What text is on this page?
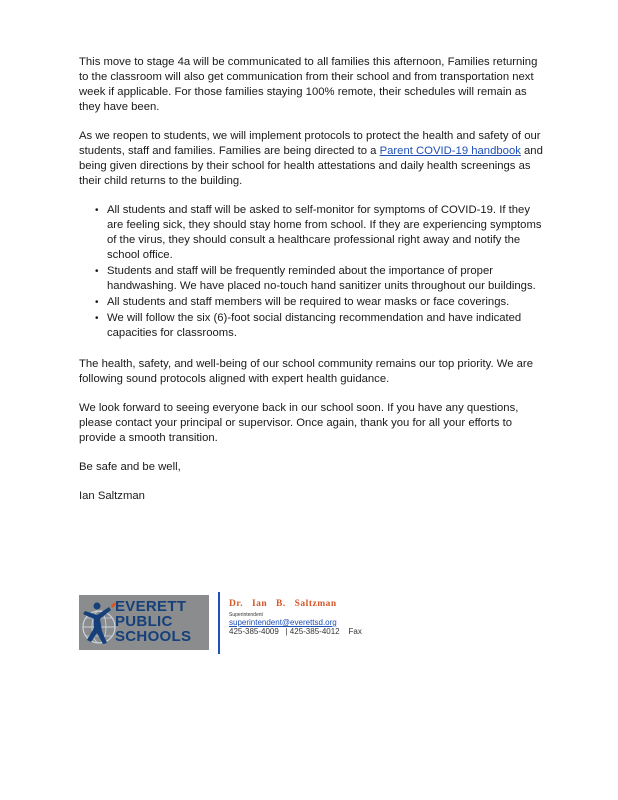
This move to stage 4a will be communicated to all families this afternoon, Families returning to the classroom will also get communication from their school and from transportation next week if applicable. For those families staying 100% remote, their schedules will remain as they have been.

As we reopen to students, we will implement protocols to protect the health and safety of our students, staff and families. Families are being directed to a Parent COVID-19 handbook and being given directions by their school for health attestations and daily health screenings as their child returns to the building.

• All students and staff will be asked to self-monitor for symptoms of COVID-19. If they are feeling sick, they should stay home from school. If they are experiencing symptoms of the virus, they should consult a healthcare professional right away and notify the school office.
• Students and staff will be frequently reminded about the importance of proper handwashing. We have placed no-touch hand sanitizer units throughout our buildings.
• All students and staff members will be required to wear masks or face coverings.
• We will follow the six (6)-foot social distancing recommendation and have indicated capacities for classrooms.

The health, safety, and well-being of our school community remains our top priority. We are following sound protocols aligned with expert health guidance.

We look forward to seeing everyone back in our school soon. If you have any questions, please contact your principal or supervisor. Once again, thank you for all your efforts to provide a smooth transition.

Be safe and be well,

Ian Saltzman

EVERETT
PUBLIC
SCHOOLS
Dr. Ian B. Saltzman
Superintendent
superintendent@everettsd.org
425-385-4009   | 425-385-4012    Fax
